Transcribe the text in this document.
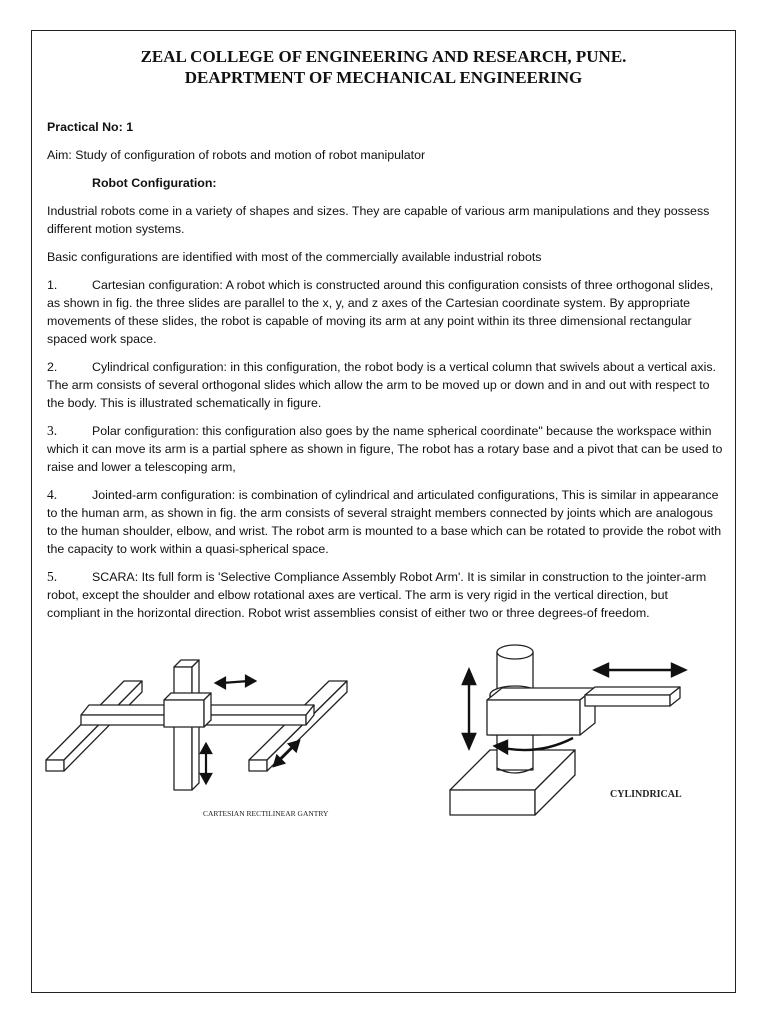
ZEAL COLLEGE OF ENGINEERING AND RESEARCH, PUNE.
DEAPRTMENT OF MECHANICAL ENGINEERING

Practical No: 1

Aim: Study of configuration of robots and motion of robot manipulator

Robot Configuration:

Industrial robots come in a variety of shapes and sizes. They are capable of various arm manipulations and they possess different motion systems.

Basic configurations are identified with most of the commercially available industrial robots

1.	Cartesian configuration: A robot which is constructed around this configuration consists of three orthogonal slides, as shown in fig. the three slides are parallel to the x, y, and z axes of the Cartesian coordinate system. By appropriate movements of these slides, the robot is capable of moving its arm at any point within its three dimensional rectangular spaced work space.

2.	Cylindrical configuration: in this configuration, the robot body is a vertical column that swivels about a vertical axis. The arm consists of several orthogonal slides which allow the arm to be moved up or down and in and out with respect to the body. This is illustrated schematically in figure.

3.	Polar configuration: this configuration also goes by the name spherical coordinate" because the workspace within which it can move its arm is a partial sphere as shown in figure, The robot has a rotary base and a pivot that can be used to raise and lower a telescoping arm,

4.	Jointed-arm configuration: is combination of cylindrical and articulated configurations, This is similar in appearance to the human arm, as shown in fig. the arm consists of several straight members connected by joints which are analogous to the human shoulder, elbow, and wrist. The robot arm is mounted to a base which can be rotated to provide the robot with the capacity to work within a quasi-spherical space.

5.	SCARA: Its full form is 'Selective Compliance Assembly Robot Arm'. It is similar in construction to the jointer-arm robot, except the shoulder and elbow rotational axes are vertical. The arm is very rigid in the vertical direction, but compliant in the horizontal direction. Robot wrist assemblies consist of either two or three degrees-of freedom.

CARTESIAN RECTILINEAR GANTRY
CYLINDRICAL
